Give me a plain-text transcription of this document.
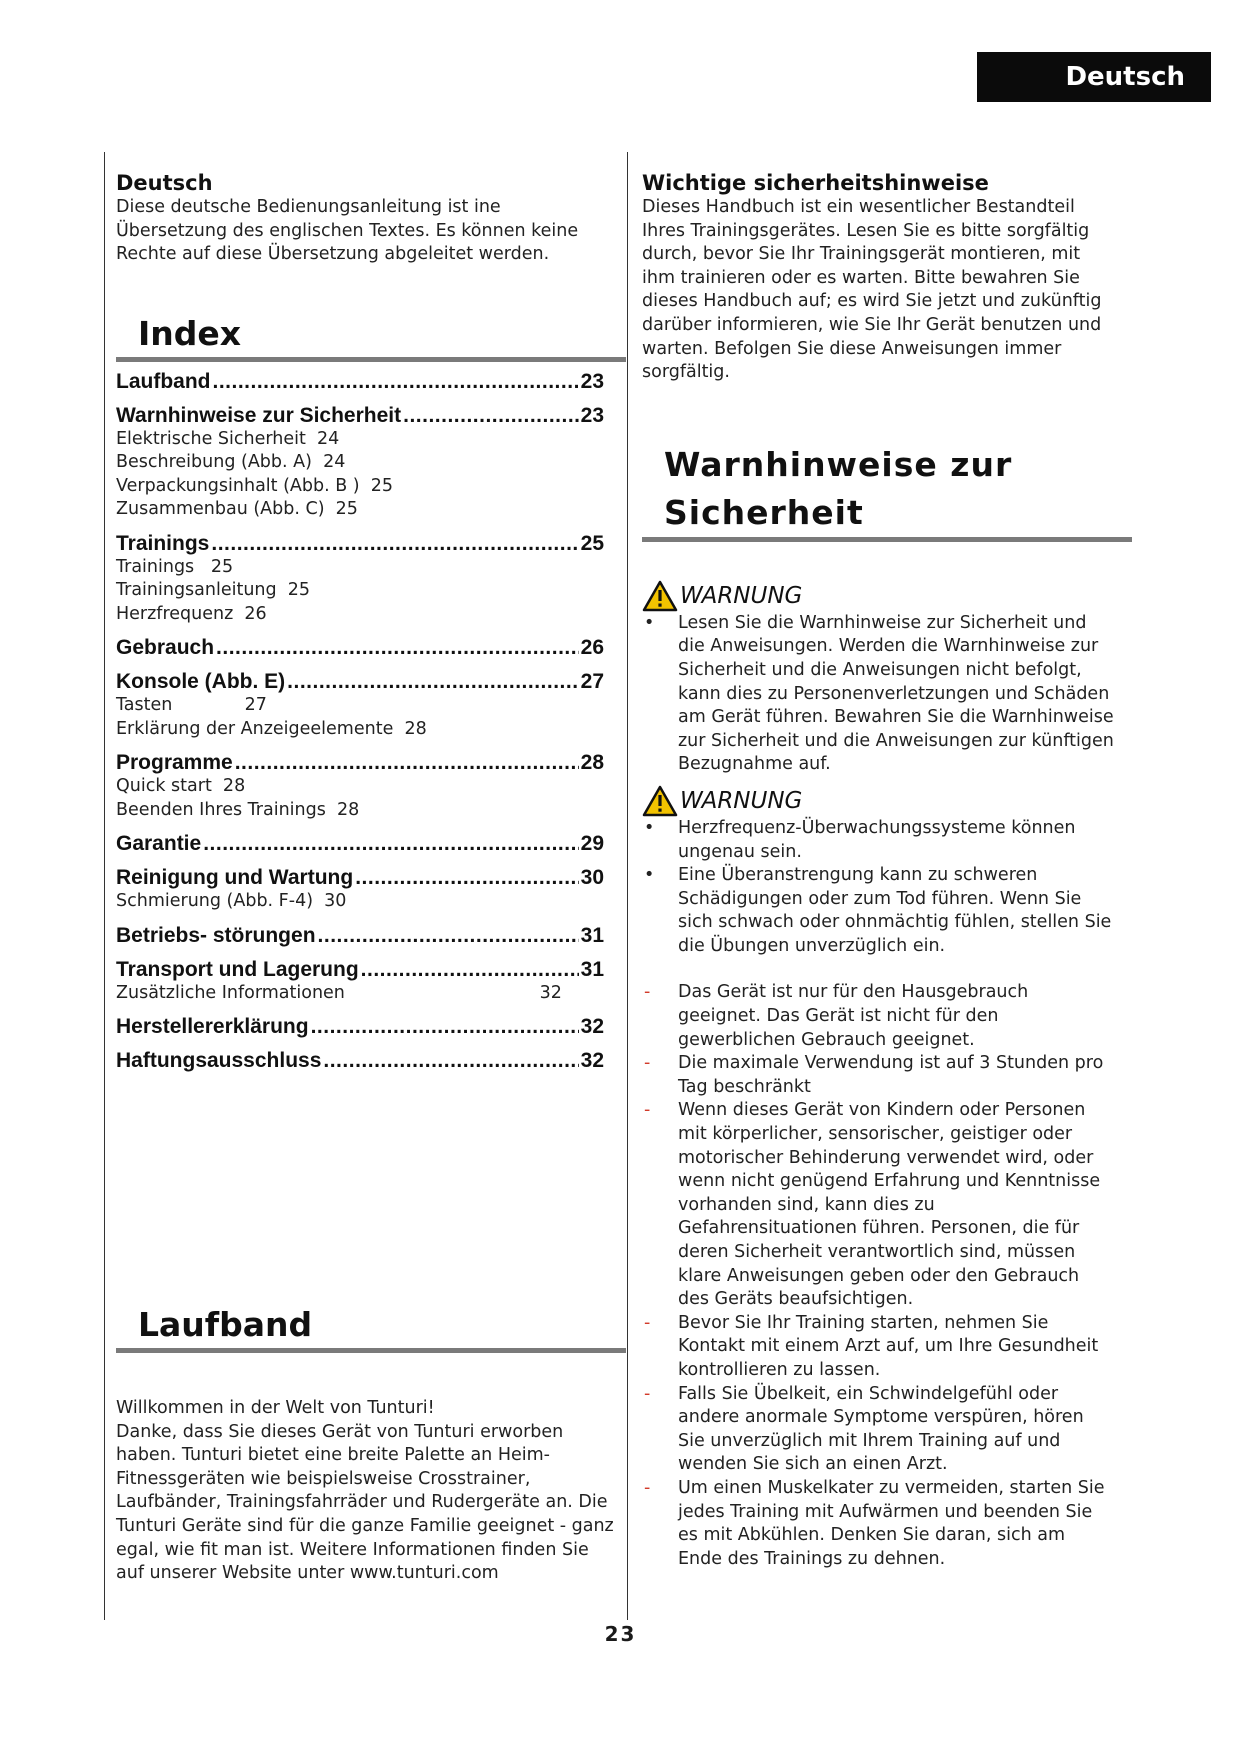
Deutsch
Deutsch

Diese deutsche Bedienungsanleitung ist ine Übersetzung des englischen Textes. Es können keine Rechte auf diese Übersetzung abgeleitet werden.

Index
Laufband .....	23
Warnhinweise zur Sicherheit .....	23
Elektrische Sicherheit  24
Beschreibung (Abb. A)  24
Verpackungsinhalt (Abb. B )  25
Zusammenbau (Abb. C)  25
Trainings .....	25
Trainings   25
Trainingsanleitung  25
Herzfrequenz  26
Gebrauch .....	26
Konsole (Abb. E) .....	27
Tasten             27
Erklärung der Anzeigeelemente  28
Programme .....	28
Quick start  28
Beenden Ihres Trainings  28
Garantie .....	29
Reinigung und Wartung .....	30
Schmierung (Abb. F-4)  30
Betriebs- störungen .....	31
Transport und Lagerung .....	31
Zusätzliche Informationen                                   32
Herstellererklärung .....	32
Haftungsausschluss .....	32
Laufband

Willkommen in der Welt von Tunturi!
Danke, dass Sie dieses Gerät von Tunturi erworben haben. Tunturi bietet eine breite Palette an Heim-Fitnessgeräten wie beispielsweise Crosstrainer, Laufbänder, Trainingsfahrräder und Rudergeräte an. Die Tunturi Geräte sind für die ganze Familie geeignet - ganz egal, wie fit man ist. Weitere Informationen finden Sie auf unserer Website unter www.tunturi.com

Wichtige sicherheitshinweise

Dieses Handbuch ist ein wesentlicher Bestandteil Ihres Trainingsgerätes. Lesen Sie es bitte sorgfältig durch, bevor Sie Ihr Trainingsgerät montieren, mit ihm trainieren oder es warten. Bitte bewahren Sie dieses Handbuch auf; es wird Sie jetzt und zukünftig darüber informieren, wie Sie Ihr Gerät benutzen und warten. Befolgen Sie diese Anweisungen immer sorgfältig.

Warnhinweise zur
Sicherheit
WARNUNG
•	Lesen Sie die Warnhinweise zur Sicherheit und die Anweisungen. Werden die Warnhinweise zur Sicherheit und die Anweisungen nicht befolgt, kann dies zu Personenverletzungen und Schäden am Gerät führen. Bewahren Sie die Warnhinweise zur Sicherheit und die Anweisungen zur künftigen Bezugnahme auf.
WARNUNG
•	Herzfrequenz-Überwachungssysteme können ungenau sein.
•	Eine Überanstrengung kann zu schweren Schädigungen oder zum Tod führen. Wenn Sie sich schwach oder ohnmächtig fühlen, stellen Sie die Übungen unverzüglich ein.
-	Das Gerät ist nur für den Hausgebrauch geeignet. Das Gerät ist nicht für den gewerblichen Gebrauch geeignet.
-	Die maximale Verwendung ist auf 3 Stunden pro Tag beschränkt
-	Wenn dieses Gerät von Kindern oder Personen mit körperlicher, sensorischer, geistiger oder motorischer Behinderung verwendet wird, oder wenn nicht genügend Erfahrung und Kenntnisse vorhanden sind, kann dies zu Gefahrensituationen führen. Personen, die für deren Sicherheit verantwortlich sind, müssen klare Anweisungen geben oder den Gebrauch des Geräts beaufsichtigen.
-	Bevor Sie Ihr Training starten, nehmen Sie Kontakt mit einem Arzt auf, um Ihre Gesundheit kontrollieren zu lassen.
-	Falls Sie Übelkeit, ein Schwindelgefühl oder andere anormale Symptome verspüren, hören Sie unverzüglich mit Ihrem Training auf und wenden Sie sich an einen Arzt.
-	Um einen Muskelkater zu vermeiden, starten Sie jedes Training mit Aufwärmen und beenden Sie es mit Abkühlen. Denken Sie daran, sich am Ende des Trainings zu dehnen.
23
